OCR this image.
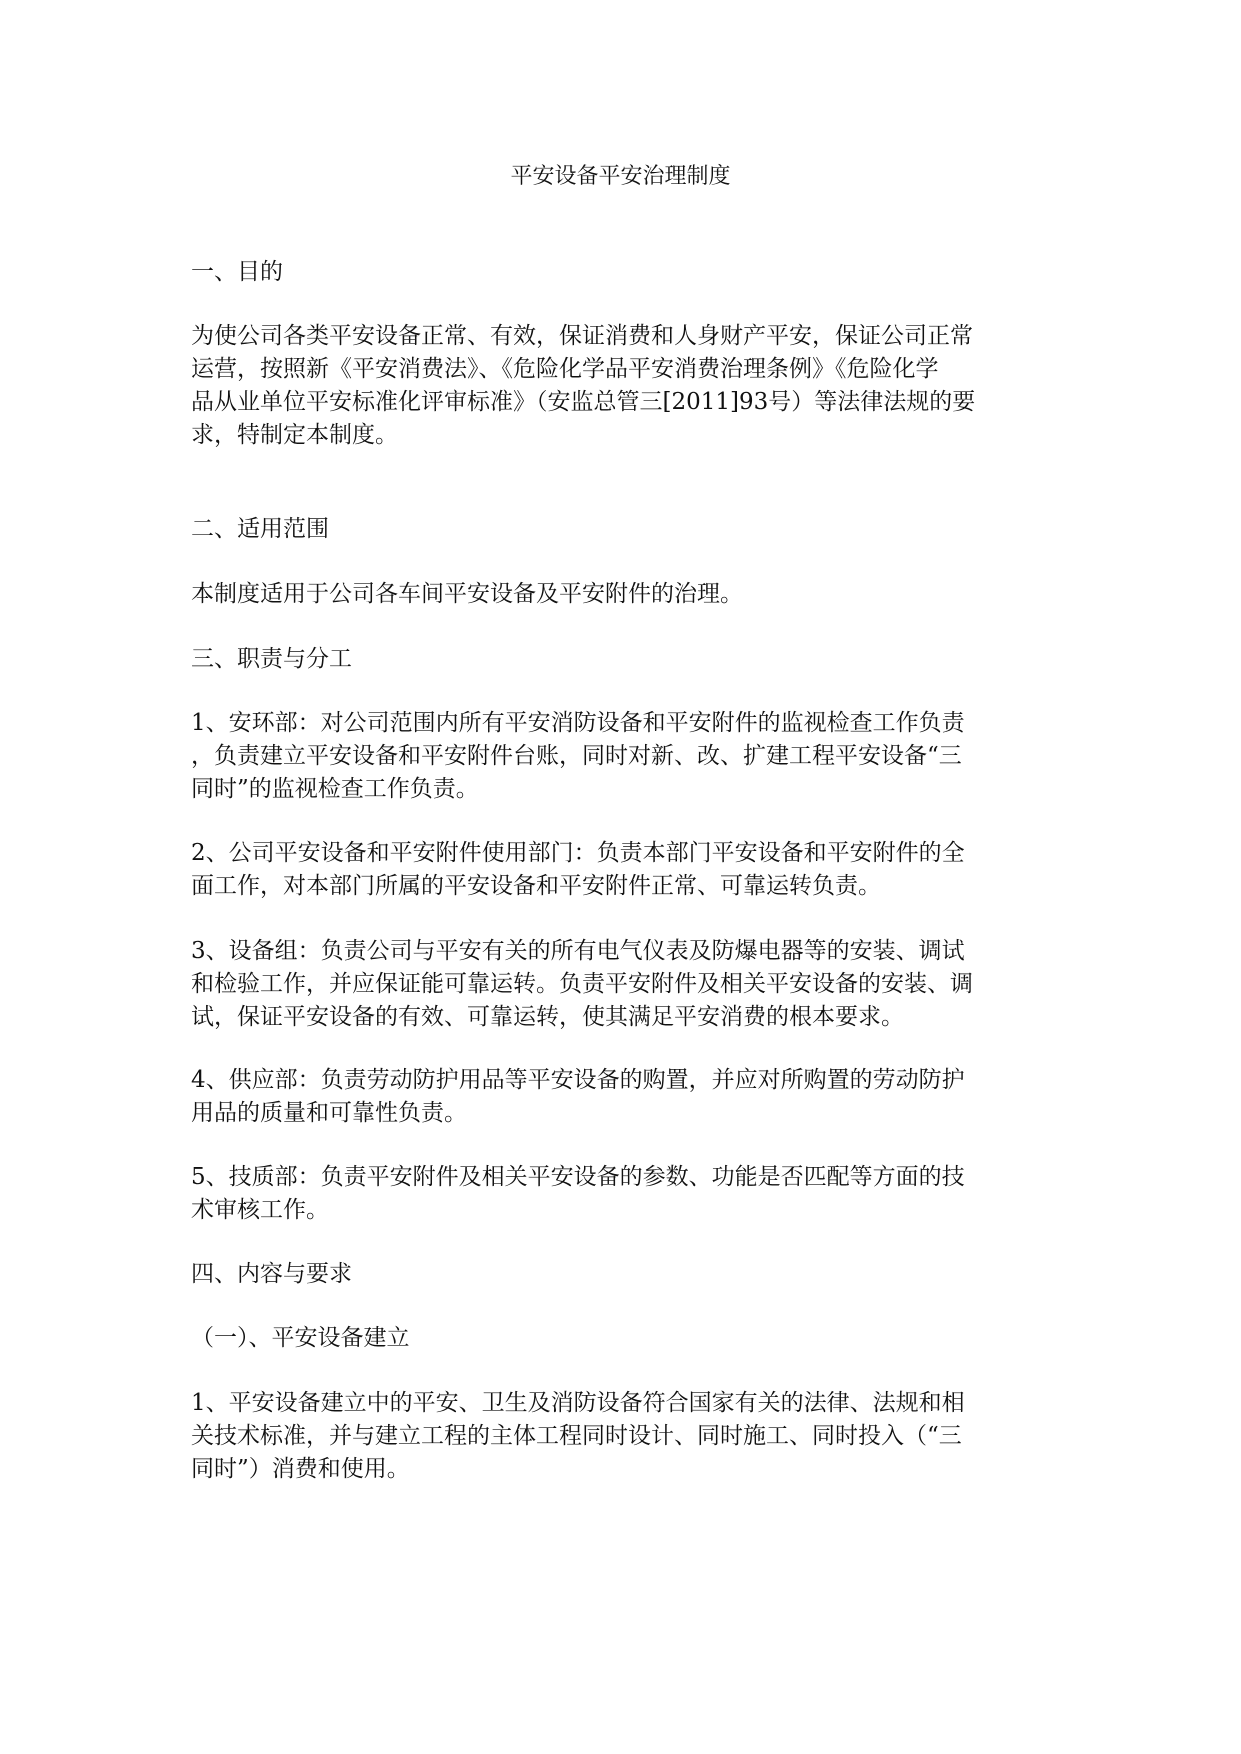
平安设备平安治理制度

一、目的

为使公司各类平安设备正常、有效，保证消费和人身财产平安，保证公司正常
运营，按照新《平安消费法》、《危险化学品平安消费治理条例》《危险化学
品从业单位平安标准化评审标准》（安监总管三[2011]93号）等法律法规的要
求，特制定本制度。

二、适用范围

本制度适用于公司各车间平安设备及平安附件的治理。

三、职责与分工

1、安环部：对公司范围内所有平安消防设备和平安附件的监视检查工作负责
，负责建立平安设备和平安附件台账，同时对新、改、扩建工程平安设备“三
同时”的监视检查工作负责。

2、公司平安设备和平安附件使用部门：负责本部门平安设备和平安附件的全
面工作，对本部门所属的平安设备和平安附件正常、可靠运转负责。

3、设备组：负责公司与平安有关的所有电气仪表及防爆电器等的安装、调试
和检验工作，并应保证能可靠运转。负责平安附件及相关平安设备的安装、调
试，保证平安设备的有效、可靠运转，使其满足平安消费的根本要求。

4、供应部：负责劳动防护用品等平安设备的购置，并应对所购置的劳动防护
用品的质量和可靠性负责。

5、技质部：负责平安附件及相关平安设备的参数、功能是否匹配等方面的技
术审核工作。

四、内容与要求

（一）、平安设备建立

1、平安设备建立中的平安、卫生及消防设备符合国家有关的法律、法规和相
关技术标准，并与建立工程的主体工程同时设计、同时施工、同时投入（“三
同时”）消费和使用。
